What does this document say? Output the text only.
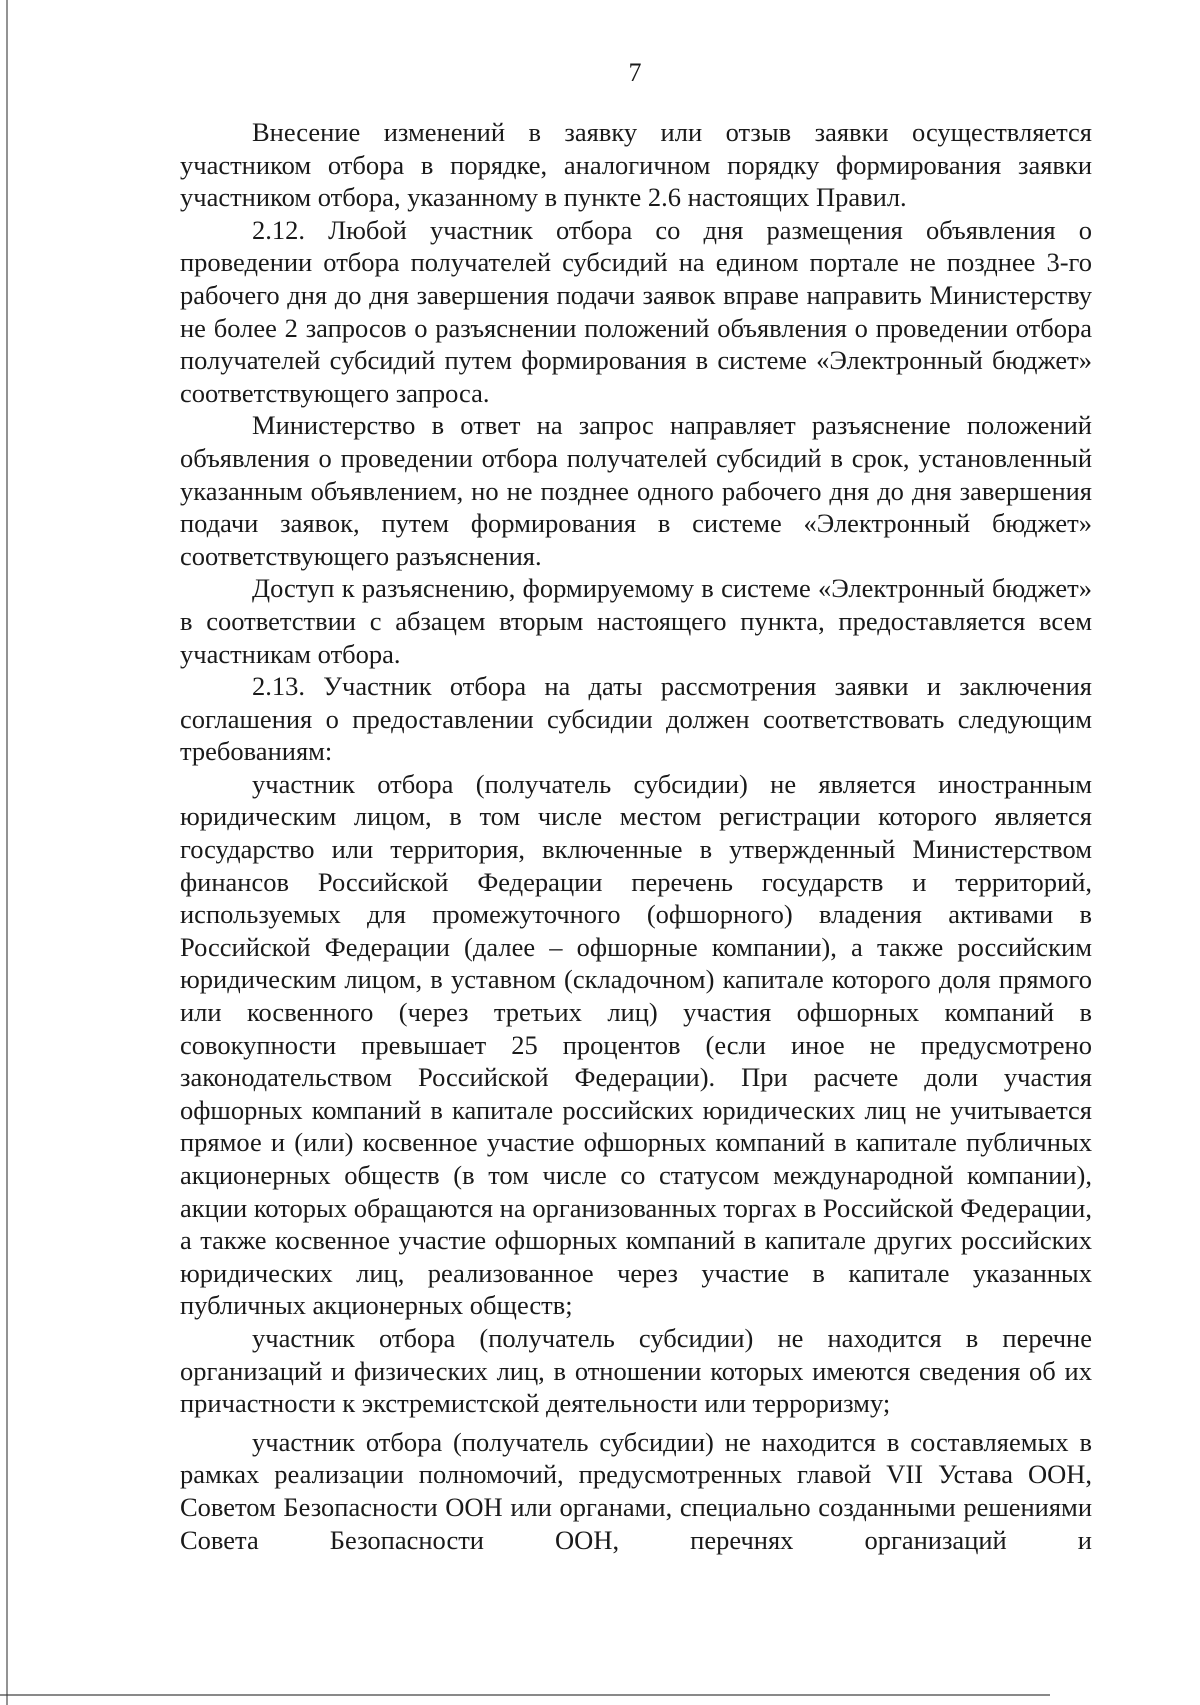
7

Внесение изменений в заявку или отзыв заявки осуществляется участником отбора в порядке, аналогичном порядку формирования заявки участником отбора, указанному в пункте 2.6 настоящих Правил.

2.12. Любой участник отбора со дня размещения объявления о проведении отбора получателей субсидий на едином портале не позднее 3-го рабочего дня до дня завершения подачи заявок вправе направить Министерству не более 2 запросов о разъяснении положений объявления о проведении отбора получателей субсидий путем формирования в системе «Электронный бюджет» соответствующего запроса.

Министерство в ответ на запрос направляет разъяснение положений объявления о проведении отбора получателей субсидий в срок, установленный указанным объявлением, но не позднее одного рабочего дня до дня завершения подачи заявок, путем формирования в системе «Электронный бюджет» соответствующего разъяснения.

Доступ к разъяснению, формируемому в системе «Электронный бюджет» в соответствии с абзацем вторым настоящего пункта, предоставляется всем участникам отбора.

2.13. Участник отбора на даты рассмотрения заявки и заключения соглашения о предоставлении субсидии должен соответствовать следующим требованиям:

участник отбора (получатель субсидии) не является иностранным юридическим лицом, в том числе местом регистрации которого является государство или территория, включенные в утвержденный Министерством финансов Российской Федерации перечень государств и территорий, используемых для промежуточного (офшорного) владения активами в Российской Федерации (далее – офшорные компании), а также российским юридическим лицом, в уставном (складочном) капитале которого доля прямого или косвенного (через третьих лиц) участия офшорных компаний в совокупности превышает 25 процентов (если иное не предусмотрено законодательством Российской Федерации). При расчете доли участия офшорных компаний в капитале российских юридических лиц не учитывается прямое и (или) косвенное участие офшорных компаний в капитале публичных акционерных обществ (в том числе со статусом международной компании), акции которых обращаются на организованных торгах в Российской Федерации, а также косвенное участие офшорных компаний в капитале других российских юридических лиц, реализованное через участие в капитале указанных публичных акционерных обществ;

участник отбора (получатель субсидии) не находится в перечне организаций и физических лиц, в отношении которых имеются сведения об их причастности к экстремистской деятельности или терроризму;

участник отбора (получатель субсидии) не находится в составляемых в рамках реализации полномочий, предусмотренных главой VII Устава ООН, Советом Безопасности ООН или органами, специально созданными решениями Совета Безопасности ООН, перечнях организаций и
